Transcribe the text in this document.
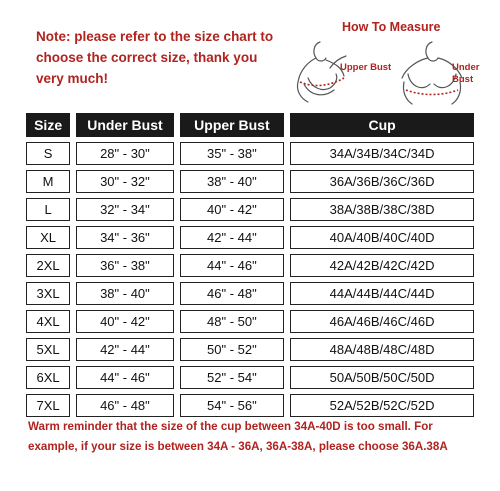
Note: please refer to the size chart to choose the correct size, thank you very much!
How To Measure
Upper Bust	Under Bust
Size	Under Bust	Upper Bust	Cup
S	28" - 30"	35" - 38"	34A/34B/34C/34D
M	30" - 32"	38" - 40"	36A/36B/36C/36D
L	32" - 34"	40" - 42"	38A/38B/38C/38D
XL	34" - 36"	42" - 44"	40A/40B/40C/40D
2XL	36" - 38"	44" - 46"	42A/42B/42C/42D
3XL	38" - 40"	46" - 48"	44A/44B/44C/44D
4XL	40" - 42"	48" - 50"	46A/46B/46C/46D
5XL	42" - 44"	50" - 52"	48A/48B/48C/48D
6XL	44" - 46"	52" - 54"	50A/50B/50C/50D
7XL	46" - 48"	54" - 56"	52A/52B/52C/52D
Warm reminder that the size of the cup between 34A-40D is too small. For example, if your size is between 34A - 36A, 36A-38A, please choose 36A.38A
